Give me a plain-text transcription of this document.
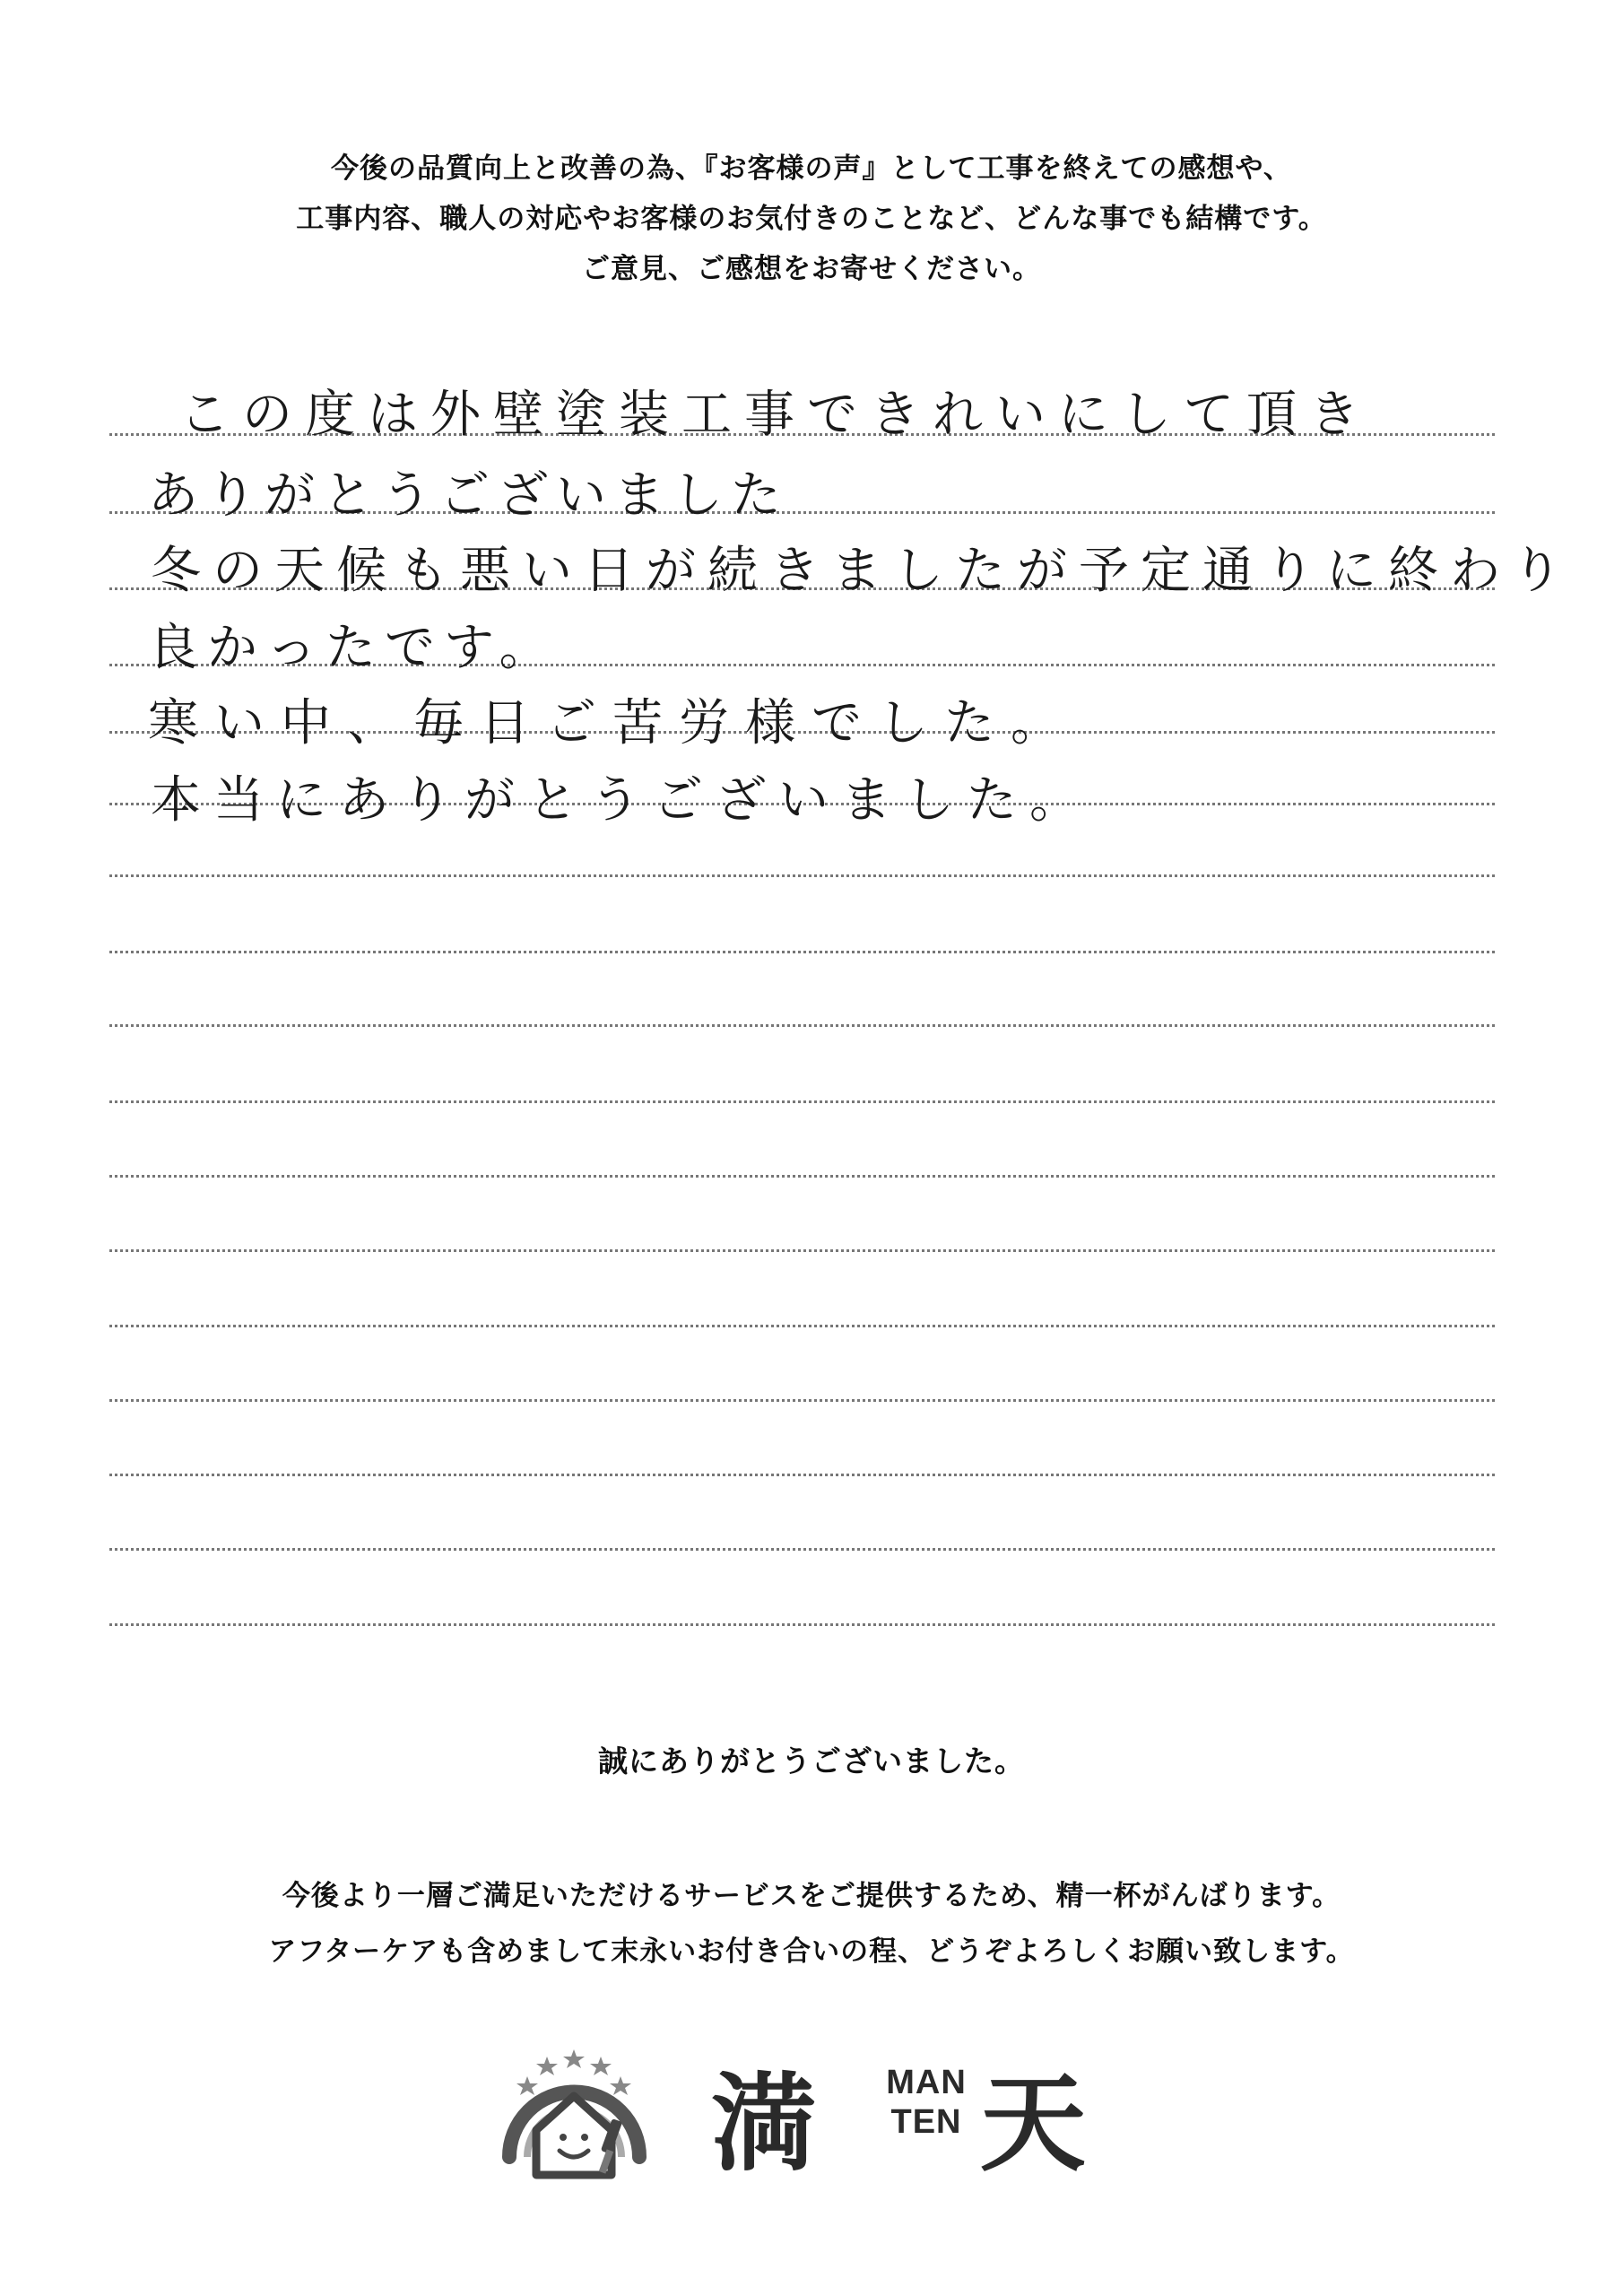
今後の品質向上と改善の為、『お客様の声』として工事を終えての感想や、
工事内容、職人の対応やお客様のお気付きのことなど、どんな事でも結構です。
ご意見、ご感想をお寄せください。
この度は外壁塗装工事できれいにして頂き
ありがとうございました
冬の天候も悪い日が続きましたが予定通りに終わり
良かったです。
寒い中、毎日ご苦労様でした。
本当にありがとうございました。
誠にありがとうございました。
今後より一層ご満足いただけるサービスをご提供するため、精一杯がんばります。
アフターケアも含めまして末永いお付き合いの程、どうぞよろしくお願い致します。
満 MAN
TEN 天
